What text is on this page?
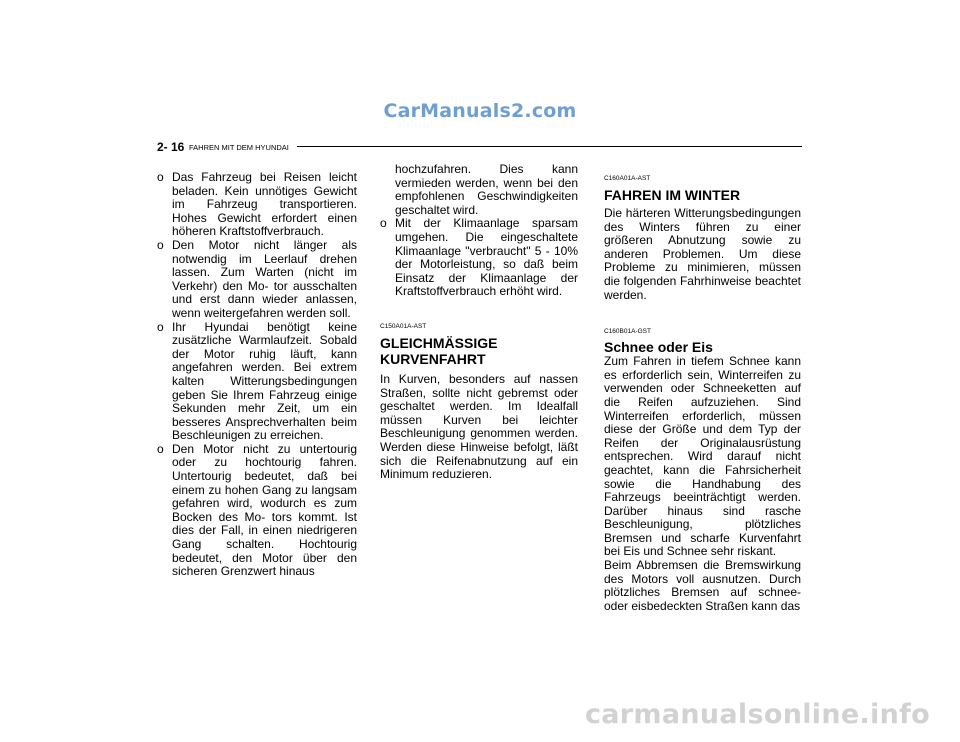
CarManuals2.com
2- 16 FAHREN MIT DEM HYUNDAI
o Das Fahrzeug bei Reisen leicht beladen. Kein unnötiges Gewicht im Fahrzeug transportieren. Hohes Gewicht erfordert einen höheren Kraftstoffverbrauch.
o Den Motor nicht länger als notwendig im Leerlauf drehen lassen. Zum Warten (nicht im Verkehr) den Mo- tor ausschalten und erst dann wieder anlassen, wenn weitergefahren werden soll.
o Ihr Hyundai benötigt keine zusätzliche Warmlaufzeit. Sobald der Motor ruhig läuft, kann angefahren werden. Bei extrem kalten Witterungsbedingungen geben Sie Ihrem Fahrzeug einige Sekunden mehr Zeit, um ein besseres Ansprechverhalten beim Beschleunigen zu erreichen.
o Den Motor nicht zu untertourig oder zu hochtourig fahren. Untertourig bedeutet, daß bei einem zu hohen Gang zu langsam gefahren wird, wodurch es zum Bocken des Mo- tors kommt. Ist dies der Fall, in einen niedrigeren Gang schalten. Hochtourig bedeutet, den Motor über den sicheren Grenzwert hinaus

hochzufahren. Dies kann vermieden werden, wenn bei den empfohlenen Geschwindigkeiten geschaltet wird.

o Mit der Klimaanlage sparsam umgehen. Die eingeschaltete Klimaanlage "verbraucht" 5 - 10% der Motorleistung, so daß beim Einsatz der Klimaanlage der Kraftstoffverbrauch erhöht wird.

C150A01A-AST

GLEICHMÄSSIGE KURVENFAHRT

In Kurven, besonders auf nassen Straßen, sollte nicht gebremst oder geschaltet werden. Im Idealfall müssen Kurven bei leichter Beschleunigung genommen werden. Werden diese Hinweise befolgt, läßt sich die Reifenabnutzung auf ein Minimum reduzieren.

C160A01A-AST

FAHREN IM WINTER

Die härteren Witterungsbedingungen des Winters führen zu einer größeren Abnutzung sowie zu anderen Problemen. Um diese Probleme zu minimieren, müssen die folgenden Fahrhinweise beachtet werden.

C160B01A-GST

Schnee oder Eis

Zum Fahren in tiefem Schnee kann es erforderlich sein, Winterreifen zu verwenden oder Schneeketten auf die Reifen aufzuziehen. Sind Winterreifen erforderlich, müssen diese der Größe und dem Typ der Reifen der Originalausrüstung entsprechen. Wird darauf nicht geachtet, kann die Fahrsicherheit sowie die Handhabung des Fahrzeugs beeinträchtigt werden. Darüber hinaus sind rasche Beschleunigung, plötzliches Bremsen und scharfe Kurvenfahrt bei Eis und Schnee sehr riskant.

Beim Abbremsen die Bremswirkung des Motors voll ausnutzen. Durch plötzliches Bremsen auf schnee- oder eisbedeckten Straßen kann das

carmanualsonline.info
